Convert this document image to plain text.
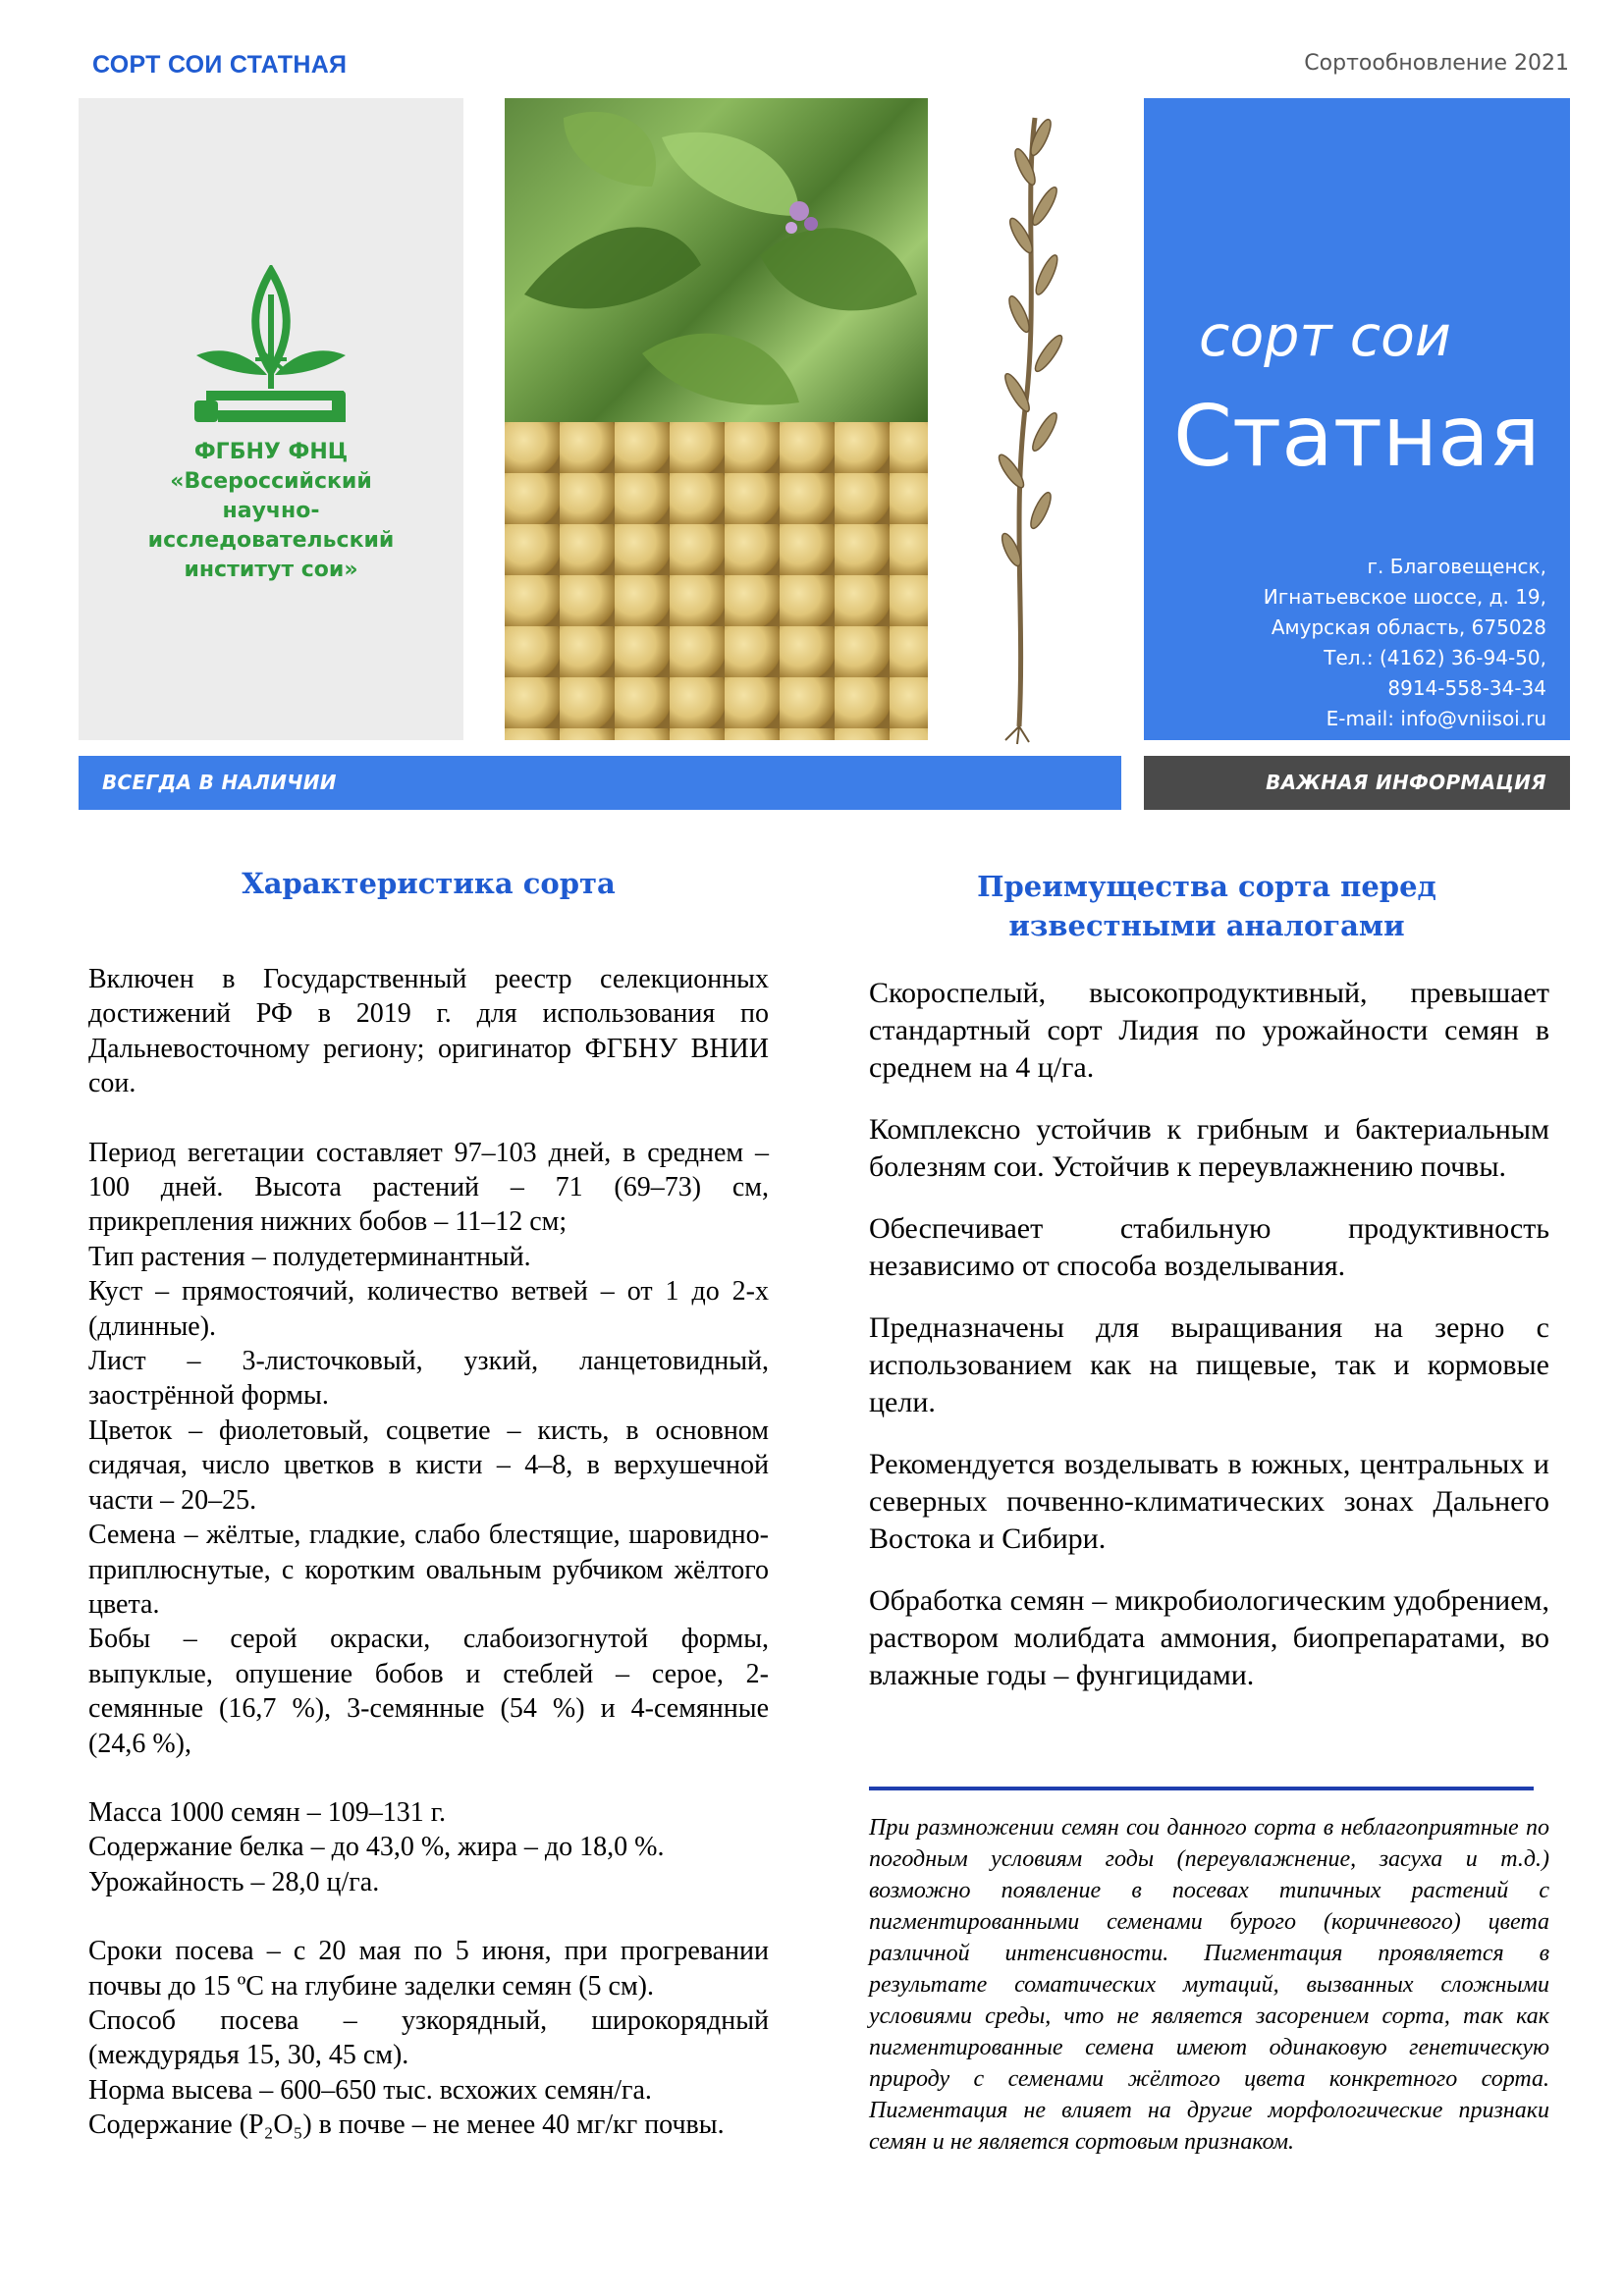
СОРТ СОИ СТАТНАЯ	Сортообновление 2021
ФГБНУ ФНЦ
«Всероссийский
научно-
исследовательский
институт сои»
сорт сои
Статная
г. Благовещенск,
Игнатьевское шоссе, д. 19,
Амурская область, 675028
Тел.: (4162) 36-94-50,
8914-558-34-34
E-mail: info@vniisoi.ru
ВСЕГДА В НАЛИЧИИ	ВАЖНАЯ ИНФОРМАЦИЯ
Характеристика сорта	Преимущества сорта перед
известными аналогами

Включен в Государственный реестр селекционных достижений РФ в 2019 г. для использования по Дальневосточному региону; оригинатор ФГБНУ ВНИИ сои.

Период вегетации составляет 97–103 дней, в среднем – 100 дней. Высота растений – 71 (69–73) см, прикрепления нижних бобов – 11–12 см;

Тип растения – полудетерминантный.

Куст – прямостоячий, количество ветвей – от 1 до 2-х (длинные).

Лист – 3-листочковый, узкий, ланцетовидный, заострённой формы.

Цветок – фиолетовый, соцветие – кисть, в основном сидячая, число цветков в кисти – 4–8, в верхушечной части – 20–25.

Семена – жёлтые, гладкие, слабо блестящие, шаровидно-приплюснутые, с коротким овальным рубчиком жёлтого цвета.

Бобы – серой окраски, слабоизогнутой формы, выпуклые, опушение бобов и стеблей – серое, 2-семянные (16,7 %), 3-семянные (54 %) и 4-семянные (24,6 %),

Масса 1000 семян – 109–131 г.

Содержание белка – до 43,0 %, жира – до 18,0 %.

Урожайность – 28,0 ц/га.

Сроки посева – с 20 мая по 5 июня, при прогревании почвы до 15 ºС на глубине заделки семян (5 см).

Способ посева – узкорядный, широкорядный (междурядья 15, 30, 45 см).

Норма высева – 600–650 тыс. всхожих семян/га.

Содержание (P₂O₅) в почве – не менее 40 мг/кг почвы.

Скороспелый, высокопродуктивный, превышает стандартный сорт Лидия по урожайности семян в среднем на 4 ц/га.

Комплексно устойчив к грибным и бактериальным болезням сои. Устойчив к переувлажнению почвы.

Обеспечивает стабильную продуктивность независимо от способа возделывания.

Предназначены для выращивания на зерно с использованием как на пищевые, так и кормовые цели.

Рекомендуется возделывать в южных, центральных и северных почвенно-климатических зонах Дальнего Востока и Сибири.

Обработка семян – микробиологическим удобрением, раствором молибдата аммония, биопрепаратами, во влажные годы – фунгицидами.

При размножении семян сои данного сорта в неблагоприятные по погодным условиям годы (переувлажнение, засуха и т.д.) возможно появление в посевах типичных растений с пигментированными семенами бурого (коричневого) цвета различной интенсивности. Пигментация проявляется в результате соматических мутаций, вызванных сложными условиями среды, что не является засорением сорта, так как пигментированные семена имеют одинаковую генетическую природу с семенами жёлтого цвета конкретного сорта. Пигментация не влияет на другие морфологические признаки семян и не является сортовым признаком.
